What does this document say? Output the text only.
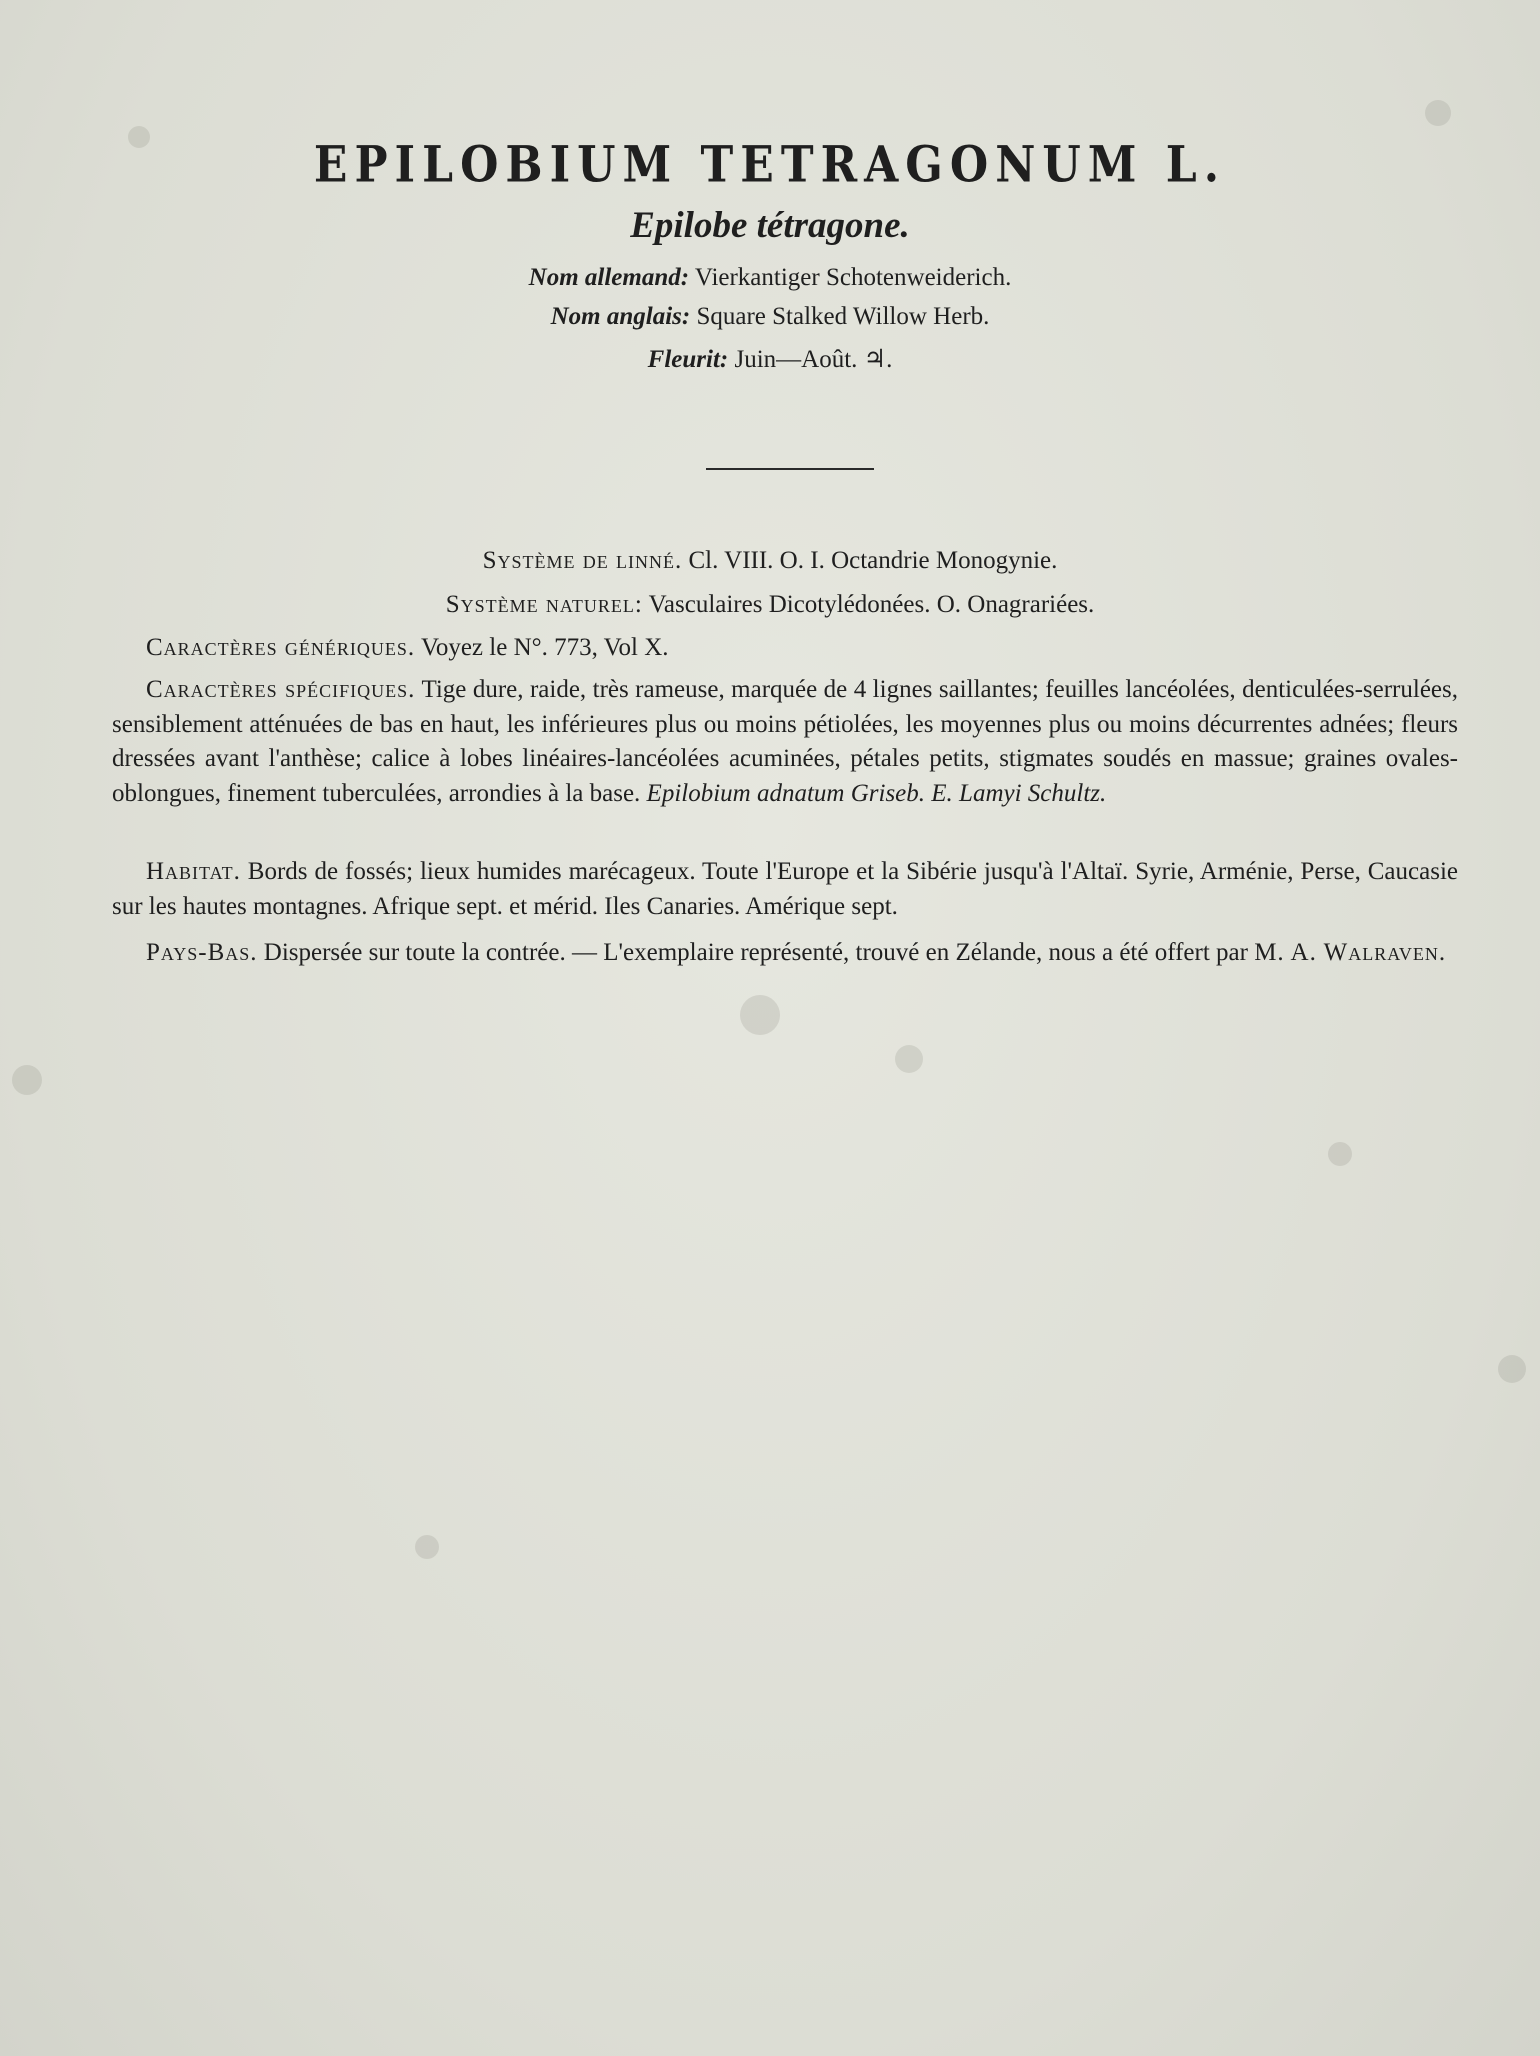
EPILOBIUM TETRAGONUM L.
Epilobe tétragone.
Nom allemand: Vierkantiger Schotenweiderich.
Nom anglais: Square Stalked Willow Herb.
Fleurit: Juin—Août. ♃.
Système de linné. Cl. VIII. O. I. Octandrie Monogynie.
Système naturel: Vasculaires Dicotylédonées. O. Onagrariées.
Caractères génériques. Voyez le N°. 773, Vol X.
Caractères spécifiques. Tige dure, raide, très rameuse, marquée de 4 lignes saillantes; feuilles lancéolées, denticulées-serrulées, sensiblement atténuées de bas en haut, les inférieures plus ou moins pétiolées, les moyennes plus ou moins décurrentes adnées; fleurs dressées avant l'anthèse; calice à lobes linéaires-lancéolées acuminées, pétales petits, stigmates soudés en massue; graines ovales-oblongues, finement tuberculées, arrondies à la base. Epilobium adnatum Griseb. E. Lamyi Schultz.
Habitat. Bords de fossés; lieux humides marécageux. Toute l'Europe et la Sibérie jusqu'à l'Altaï. Syrie, Arménie, Perse, Caucasie sur les hautes montagnes. Afrique sept. et mérid. Iles Canaries. Amérique sept.
Pays-Bas. Dispersée sur toute la contrée. — L'exemplaire représenté, trouvé en Zélande, nous a été offert par M. A. Walraven.
